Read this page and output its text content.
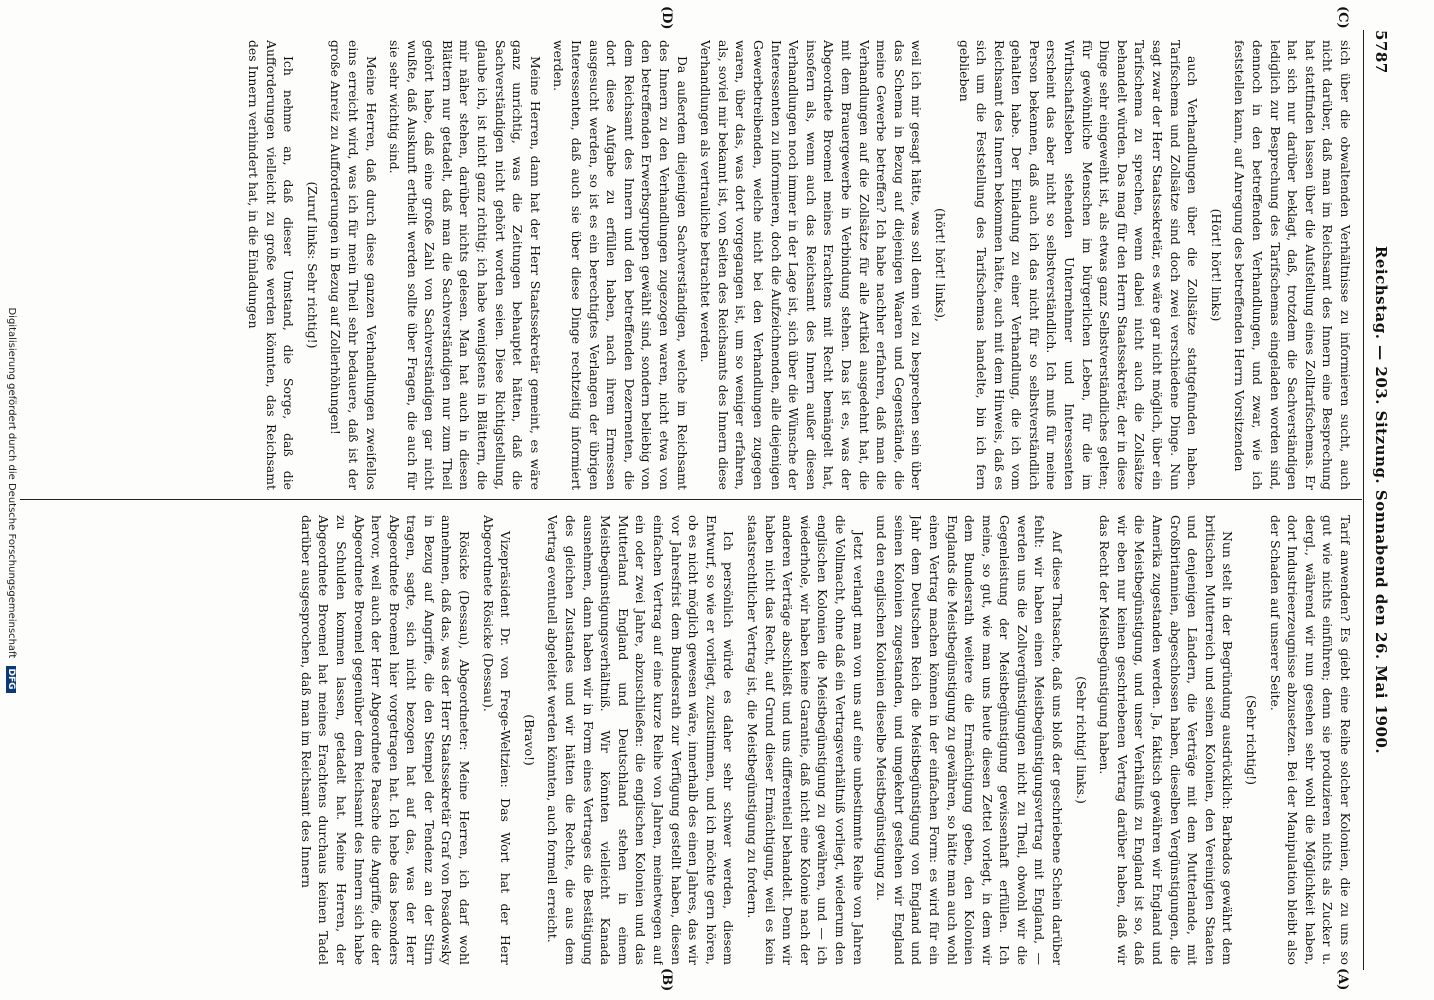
5787
Reichstag. — 203. Sitzung. Sonnabend den 26. Mai 1900.
(C)
(D)
(A)
(B)

sich über die obwaltenden Verhältnisse zu informieren sucht, auch nicht darüber, daß man im Reichsamt des Innern eine Besprechung hat stattfinden lassen über die Aufstellung eines Zolltarifschemas. Er hat sich nur darüber beklagt, daß, trotzdem die Sachverständigen lediglich zur Besprechung des Tarifschemas eingeladen worden sind, dennoch in den betreffenden Verhandlungen, und zwar, wie ich feststellen kann, auf Anregung des betreffenden Herrn Vorsitzenden

(Hört! hört! links)

auch Verhandlungen über die Zollsätze stattgefunden haben. Tarifschema und Zollsätze sind doch zwei verschiedene Dinge. Nun sagt zwar der Herr Staatssekretär, es wäre gar nicht möglich, über ein Tarifschema zu sprechen, wenn dabei nicht auch die Zollsätze behandelt würden. Das mag für den Herrn Staatssekretär, der in diese Dinge sehr eingeweiht ist, als etwas ganz Selbstverständliches gelten; für gewöhnliche Menschen im bürgerlichen Leben, für die im Wirthschaftsleben stehenden Unternehmer und Interessenten erscheint das aber nicht so selbstverständlich. Ich muß für meine Person bekennen, daß auch ich das nicht für so selbstverständlich gehalten habe. Der Einladung zu einer Verhandlung, die ich vom Reichsamt des Innern bekommen hätte, auch mit dem Hinweis, daß es sich um die Feststellung des Tarifschemas handelte, bin ich fern geblieben

(hört! hört! links),

weil ich mir gesagt hätte, was soll denn viel zu besprechen sein über das Schema in Bezug auf diejenigen Waaren und Gegenstände, die meine Gewerbe betreffen? Ich habe nachher erfahren, daß man die Verhandlungen auf die Zollsätze für alle Artikel ausgedehnt hat, die mit dem Brauergewerbe in Verbindung stehen. Das ist es, was der Abgeordnete Broemel meines Erachtens mit Recht bemängelt hat, insofern als, wenn auch das Reichsamt des Innern außer diesen Verhandlungen noch immer in der Lage ist, sich über die Wünsche der Interessenten zu informieren, doch die Aufzeichnenden, alle diejenigen Gewerbetreibenden, welche nicht bei den Verhandlungen zugegen waren, über das, was dort vorgegangen ist, um so weniger erfahren, als, soviel mir bekannt ist, von Seiten des Reichsamts des Innern diese Verhandlungen als vertrauliche betrachtet werden.

Da außerdem diejenigen Sachverständigen, welche im Reichsamt des Innern zu den Verhandlungen zugezogen waren, nicht etwa von den betreffenden Erwerbsgruppen gewählt sind, sondern beliebig von dem Reichsamt des Innern und den betreffenden Dezernenten, die dort diese Aufgabe zu erfüllen haben, nach ihrem Ermessen ausgesucht werden, so ist es ein berechtigtes Verlangen der übrigen Interessenten, daß auch sie über diese Dinge rechtzeitig informiert werden.

Meine Herren, dann hat der Herr Staatssekretär gemeint, es wäre ganz unrichtig, was die Zeitungen behauptet hätten, daß die Sachverständigen nicht gehört worden seien. Diese Richtigstellung, glaube ich, ist nicht ganz richtig; ich habe wenigstens in Blättern, die mir näher stehen, darüber nichts gelesen. Man hat auch in diesen Blättern nur getadelt, daß man die Sachverständigen nur zum Theil gehört habe, daß eine große Zahl von Sachverständigen gar nicht wußte, daß Auskunft ertheilt werden sollte über Fragen, die auch für sie sehr wichtig sind.

Meine Herren, daß durch diese ganzen Verhandlungen zweifellos eins erreicht wird, was ich für mein Theil sehr bedauere, daß ist der große Anreiz zu Aufforderungen in Bezug auf Zollerhöhungen!

(Zuruf links: Sehr richtig!)

Ich nehme an, daß dieser Umstand, die Sorge, daß die Aufforderungen vielleicht zu große werden könnten, das Reichsamt des Innern verhindert hat, in die Einladungen

Tarif anwenden? Es giebt eine Reihe solcher Kolonien, die zu uns so gut wie nichts einführen; denn sie produzieren nichts als Zucker u. dergl., während wir nun gesehen sehr wohl die Möglichkeit haben, dort Industrieerzeugnisse abzusetzen. Bei der Manipulation bleibt also der Schaden auf unserer Seite.

(Sehr richtig!)

Nun stelt in der Begründung ausdrücklich: Barbados gewährt dem britischen Mutterreich und seinen Kolonien, den Vereinigten Staaten und denjenigen Ländern, die Verträge mit dem Mutterlande, mit Großbritannien, abgeschlossen haben, dieselben Vergünstigungen, die Amerika zugestanden werden. Ja, faktisch gewähren wir England und die Meistbegünstigung, und unser Verhältniß zu England ist so, daß wir eben nur keinen geschriebenen Vertrag darüber haben, daß wir das Recht der Meistbegünstigung haben.

(Sehr richtig! links.)

Auf diese Thatsache, daß uns bloß der geschriebene Schein darüber fehlt: wir haben einen Meistbegünstigungsvertrag mit England, — werden uns die Zollvergünstigungen nicht zu Theil, obwohl wir die Gegenleistung der Meistbegünstigung gewissenhaft erfüllen. Ich meine, so gut, wie man uns heute diesen Zettel vorlegt, in dem wir dem Bundesrath weitere die Ermächtigung geben, den Kolonien Englands die Meistbegünstigung zu gewähren, so hätte man auch wohl einen Vertrag machen können in der einfachen Form: es wird für ein Jahr dem Deutschen Reich die Meistbegünstigung von England und seinen Kolonien zugestanden, und umgekehrt gestehen wir England und den englischen Kolonien dieselbe Meistbegünstigung zu.

Jetzt verlangt man von uns auf eine unbestimmte Reihe von Jahren die Vollmacht, ohne daß ein Vertragsverhältniß vorliegt, wiederum den englischen Kolonien die Meistbegünstigung zu gewähren, und — ich wiederhole, wir haben keine Garantie, daß nicht eine Kolonie nach der anderen Verträge abschließt und uns differentiell behandelt. Denn wir haben nicht das Recht, auf Grund dieser Ermächtigung, weil es kein staatsrechtlicher Vertrag ist, die Meistbegünstigung zu fordern.

Ich persönlich würde es daher sehr schwer werden, diesem Entwurf, so wie er vorliegt, zuzustimmen, und ich möchte gern hören, ob es nicht möglich gewesen wäre, innerhalb des einen Jahres, das wir vor Jahresfrist dem Bundesrath zur Verfügung gestellt haben, diesen einfachen Vertrag auf eine kurze Reihe von Jahren, meinetwegen auf ein oder zwei Jahre, abzuschließen: die englischen Kolonien und das Mutterland England und Deutschland stehen in einem Meistbegünstigungsverhältniß. Wir könnten vielleicht Kanada ausnehmen, dann haben wir in Form eines Vertrages die Bestätigung des gleichen Zustandes und wir hätten die Rechte, die aus dem Vertrag eventuell abgeleitet werden könnten, auch formell erreicht.

(Bravo!)

Vizepräsident Dr. von Frege-Weltzien: Das Wort hat der Herr Abgeordnete Rösicke (Dessau).

Rösicke (Dessau), Abgeordneter: Meine Herren, ich darf wohl annehmen, daß das, was der Herr Staatssekretär Graf von Posadowsky in Bezug auf Angriffe, die den Stempel der Tendenz an der Stirn tragen, sagte, sich nicht bezogen hat auf das, was der Herr Abgeordnete Broemel hier vorgetragen hat. Ich hebe das besonders hervor, weil auch der Herr Abgeordnete Paasche die Angriffe, die der Abgeordnete Broemel gegenüber dem Reichsamt des Innern sich habe zu Schulden kommen lassen, getadelt hat. Meine Herren, der Abgeordnete Broemel hat meines Erachtens durchaus keinen Tadel darüber ausgesprochen, daß man im Reichsamt des Innern

Digitalisierung gefördert durch die Deutsche Forschungsgemeinschaft DFG
